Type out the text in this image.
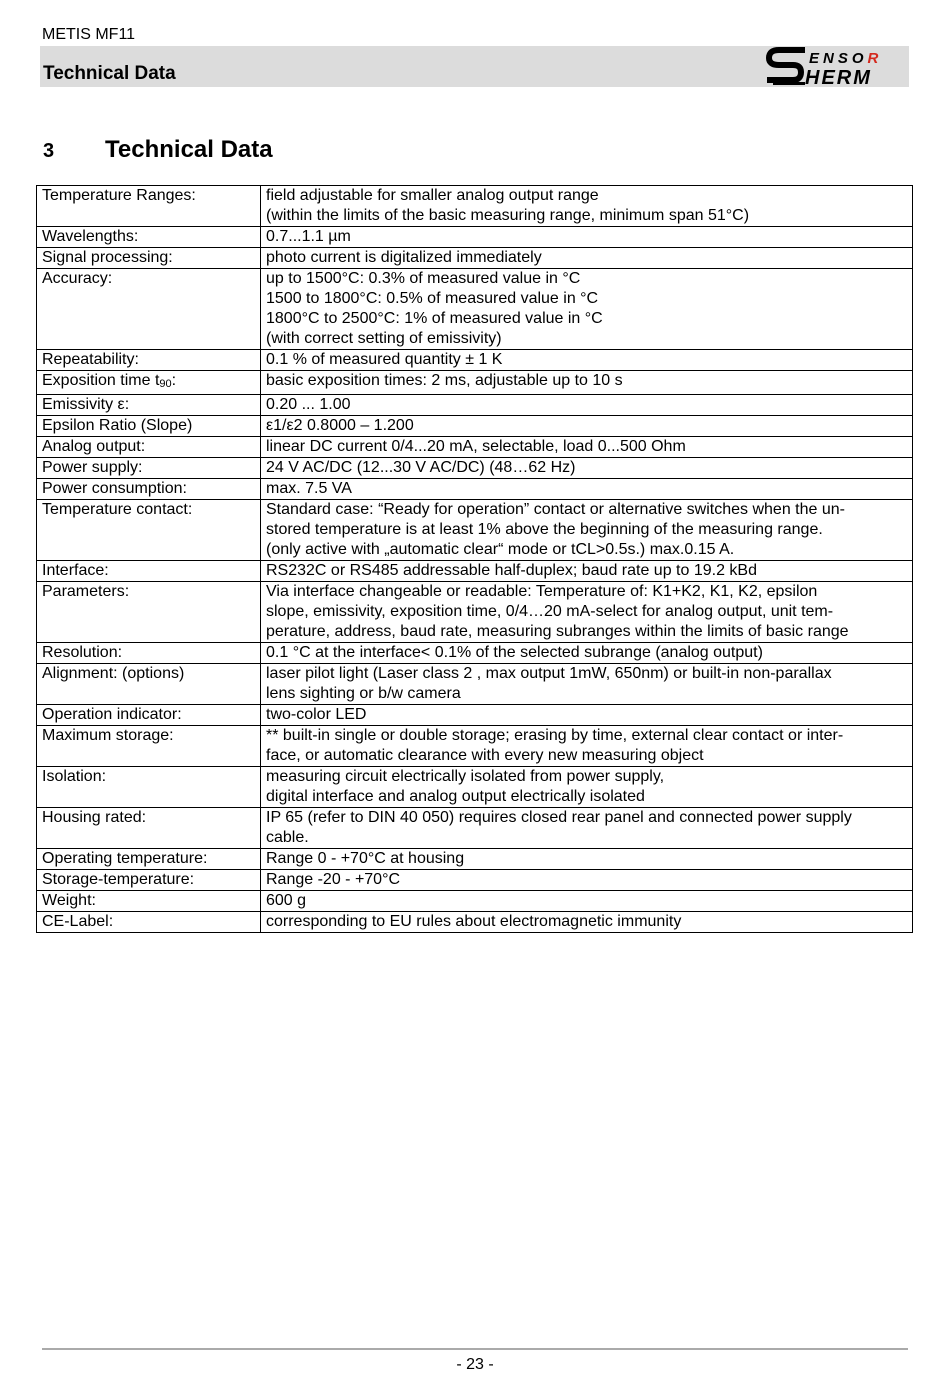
METIS MF11
Technical Data
ENSOR
HERM
3 Technical Data
Temperature Ranges:	field adjustable for smaller analog output range
(within the limits of the basic measuring range, minimum span 51°C)

Wavelengths:	0.7...1.1 µm

Signal processing:	photo current is digitalized immediately

Accuracy:	up to 1500°C: 0.3% of measured value in °C
1500 to 1800°C: 0.5% of measured value in °C
1800°C to 2500°C: 1% of measured value in °C
(with correct setting of emissivity)

Repeatability:	0.1 % of measured quantity ± 1 K

Exposition time t90:	basic exposition times: 2 ms, adjustable up to 10 s

Emissivity ε:	0.20 ... 1.00

Epsilon Ratio (Slope)	ε1/ε2 0.8000 – 1.200

Analog output:	linear DC current 0/4...20 mA, selectable, load 0...500 Ohm

Power supply:	24 V AC/DC (12...30 V AC/DC) (48…62 Hz)

Power consumption:	max. 7.5 VA

Temperature contact:	Standard case: “Ready for operation” contact or alternative switches when the un-
stored temperature is at least 1% above the beginning of the measuring range.
(only active with „automatic clear“ mode or tCL>0.5s.) max.0.15 A.

Interface:	RS232C or RS485 addressable half-duplex; baud rate up to 19.2 kBd

Parameters:	Via interface changeable or readable: Temperature of: K1+K2, K1, K2, epsilon
slope, emissivity, exposition time, 0/4…20 mA-select for analog output, unit tem-
perature, address, baud rate, measuring subranges within the limits of basic range

Resolution:	0.1 °C at the interface< 0.1% of the selected subrange (analog output)

Alignment: (options)	laser pilot light (Laser class 2 , max output 1mW, 650nm) or built-in non-parallax
lens sighting or b/w camera

Operation indicator:	two-color LED

Maximum storage:	** built-in single or double storage; erasing by time, external clear contact or inter-
face, or automatic clearance with every new measuring object

Isolation:	measuring circuit electrically isolated from power supply,
digital interface and analog output electrically isolated

Housing rated:	IP 65 (refer to DIN 40 050) requires closed rear panel and connected power supply
cable.

Operating temperature:	Range 0 - +70°C at housing

Storage-temperature:	Range -20 - +70°C

Weight:	600 g

CE-Label:	corresponding to EU rules about electromagnetic immunity
- 23 -
